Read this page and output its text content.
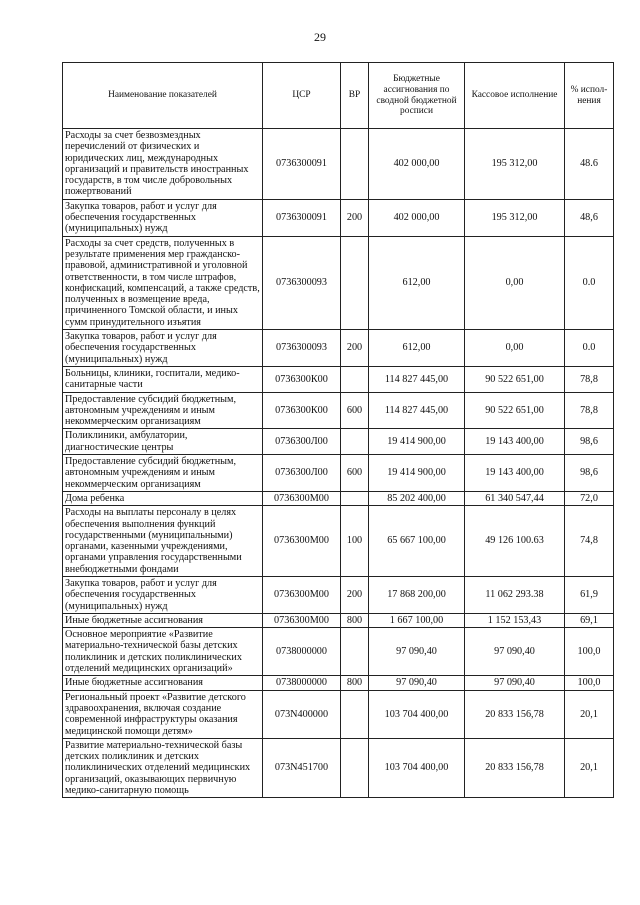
29
Наименование показателей	ЦСР	ВР	Бюджетные ассигнования по сводной бюджетной росписи	Кассовое исполнение	% испол-нения
Расходы за счет безвозмездных перечислений от физических и юридических лиц, международных организаций и правительств иностранных государств, в том числе добровольных пожертвований	0736300091		402 000,00	195 312,00	48.6
Закупка товаров, работ и услуг для обеспечения государственных (муниципальных) нужд	0736300091	200	402 000,00	195 312,00	48,6
Расходы за счет средств, полученных в результате применения мер гражданско-правовой, административной и уголовной ответственности, в том числе штрафов, конфискаций, компенсаций, а также средств, полученных в возмещение вреда, причиненного Томской области, и иных сумм принудительного изъятия	0736300093		612,00	0,00	0.0
Закупка товаров, работ и услуг для обеспечения государственных (муниципальных) нужд	0736300093	200	612,00	0,00	0.0
Больницы, клиники, госпитали, медико-санитарные части	0736300К00		114 827 445,00	90 522 651,00	78,8
Предоставление субсидий бюджетным, автономным учреждениям и иным некоммерческим организациям	0736300К00	600	114 827 445,00	90 522 651,00	78,8
Поликлиники, амбулатории, диагностические центры	0736300Л00		19 414 900,00	19 143 400,00	98,6
Предоставление субсидий бюджетным, автономным учреждениям и иным некоммерческим организациям	0736300Л00	600	19 414 900,00	19 143 400,00	98,6
Дома ребенка	0736300М00		85 202 400,00	61 340 547,44	72,0
Расходы на выплаты персоналу в целях обеспечения выполнения функций государственными (муниципальными) органами, казенными учреждениями, органами управления государственными внебюджетными фондами	0736300М00	100	65 667 100,00	49 126 100.63	74,8
Закупка товаров, работ и услуг для обеспечения государственных (муниципальных) нужд	0736300М00	200	17 868 200,00	11 062 293.38	61,9
Иные бюджетные ассигнования	0736300М00	800	1 667 100,00	1 152 153,43	69,1
Основное мероприятие «Развитие материально-технической базы детских поликлиник и детских поликлинических отделений медицинских организаций»	0738000000		97 090,40	97 090,40	100,0
Иные бюджетные ассигнования	0738000000	800	97 090,40	97 090,40	100,0
Региональный проект «Развитие детского здравоохранения, включая создание современной инфраструктуры оказания медицинской помощи детям»	073N400000		103 704 400,00	20 833 156,78	20,1
Развитие материально-технической базы детских поликлиник и детских поликлинических отделений медицинских организаций, оказывающих первичную медико-санитарную помощь	073N451700		103 704 400,00	20 833 156,78	20,1
